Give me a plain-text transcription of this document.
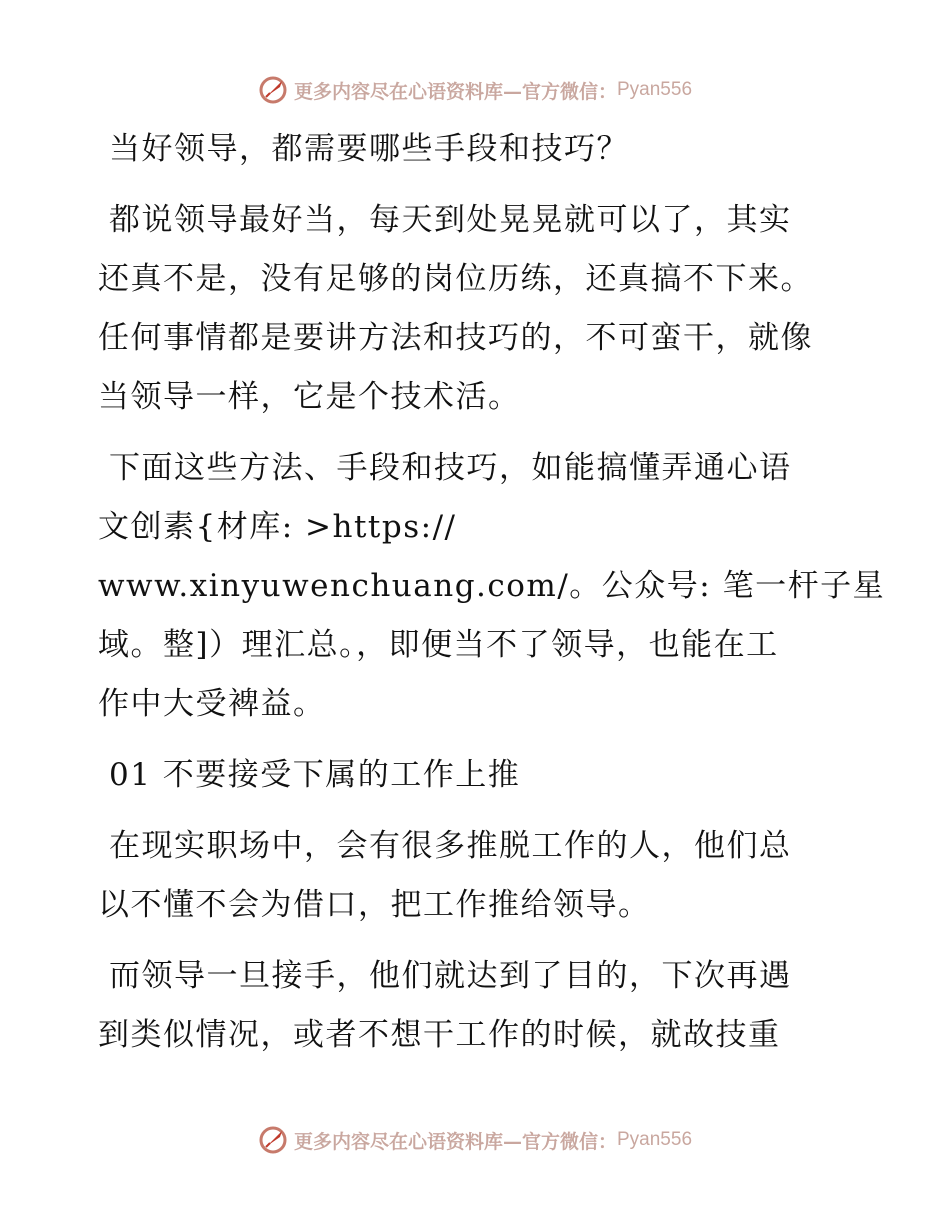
更多内容尽在心语资料库—官方微信： Pyan556
当好领导，都需要哪些手段和技巧？
都说领导最好当，每天到处晃晃就可以了，其实
还真不是，没有足够的岗位历练，还真搞不下来。
任何事情都是要讲方法和技巧的，不可蛮干，就像
当领导一样，它是个技术活。
下面这些方法、手段和技巧，如能搞懂弄通心语
文创素{材库: >https://
www.xinyuwenchuang.com/。公众号: 笔一杆子星
域。整]）理汇总。，即便当不了领导，也能在工
作中大受裨益。
01 不要接受下属的工作上推
在现实职场中，会有很多推脱工作的人，他们总
以不懂不会为借口，把工作推给领导。
而领导一旦接手，他们就达到了目的，下次再遇
到类似情况，或者不想干工作的时候，就故技重
更多内容尽在心语资料库—官方微信： Pyan556
